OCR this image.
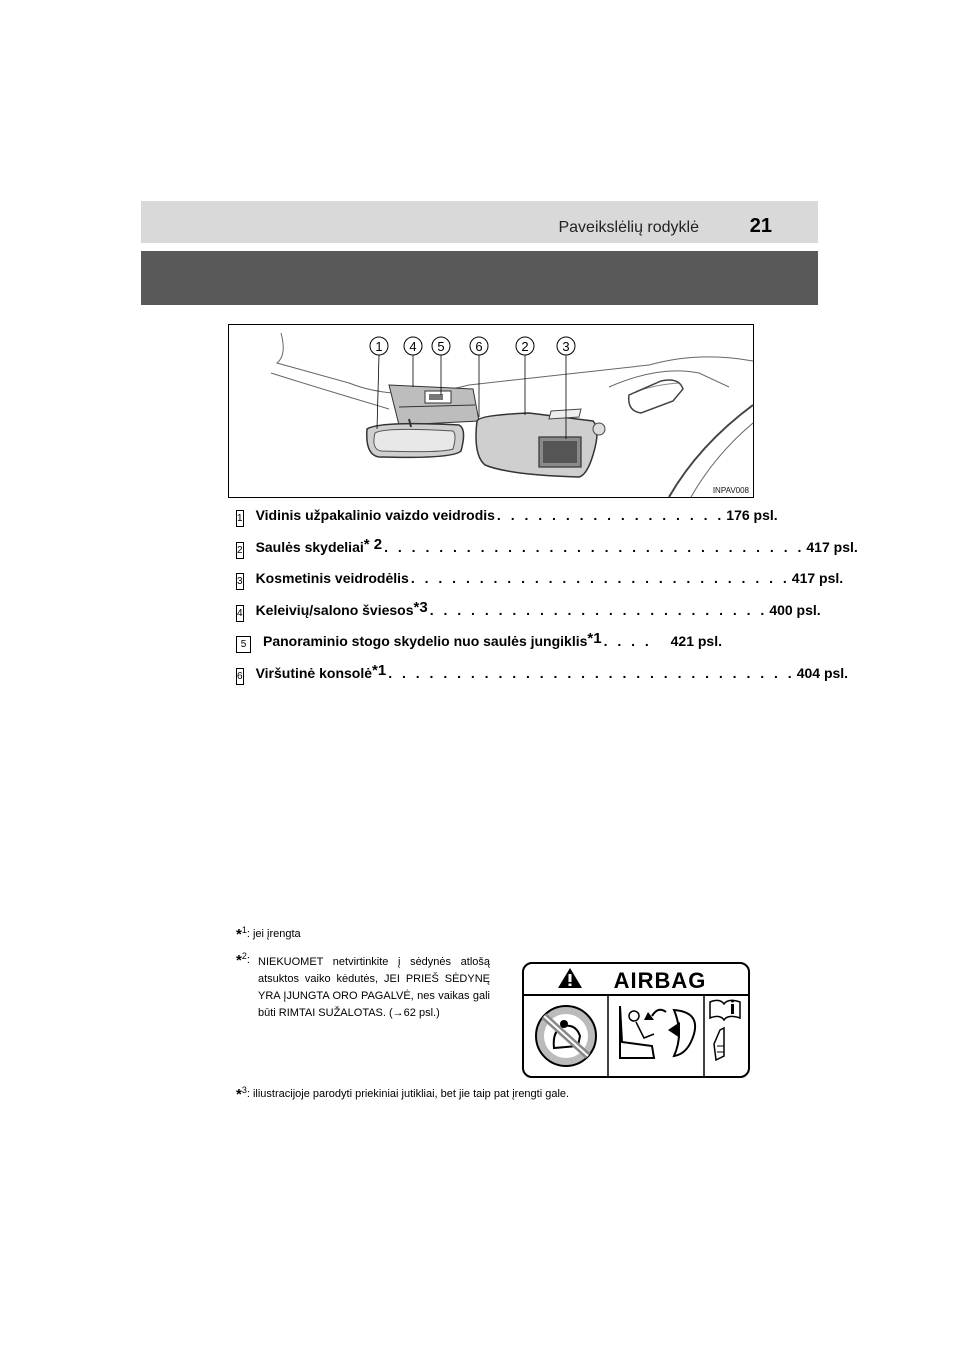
Paveikslėlių rodyklė	21
1 4 5 6	2	3
INPAV008
1 Vidinis užpakalinio vaizdo veidrodis . . . . . . . . . . . . . . . . . 176 psl.
2 Saulės skydeliai$^{* 2}$ . . . . . . . . . . . . . . . . . . . . . . . . . . . . . . . 417 psl.
3 Kosmetinis veidrodėlis . . . . . . . . . . . . . . . . . . . . . . . . . . . . 417 psl.
4 Keleivių/salono šviesos$^{*3}$ . . . . . . . . . . . . . . . . . . . . . . . . . 400 psl.
5	Panoraminio stogo skydelio nuo saulės jungiklis$^{*1}$ . . . .	421 psl.
6 Viršutinė konsolė$^{*1}$ . . . . . . . . . . . . . . . . . . . . . . . . . . . . . . 404 psl.
*$^1$: jei įrengta
*$^2$: NIEKUOMET netvirtinkite į sėdynės atlošą atsuktos vaiko kėdutės, JEI PRIEŠ SĖDYNĘ YRA ĮJUNGTA ORO PAGALVĖ, nes vaikas gali būti RIMTAI SUŽALOTAS. (→62 psl.)
*$^3$: iliustracijoje parodyti priekiniai jutikliai, bet jie taip pat įrengti gale.
AIRBAG
